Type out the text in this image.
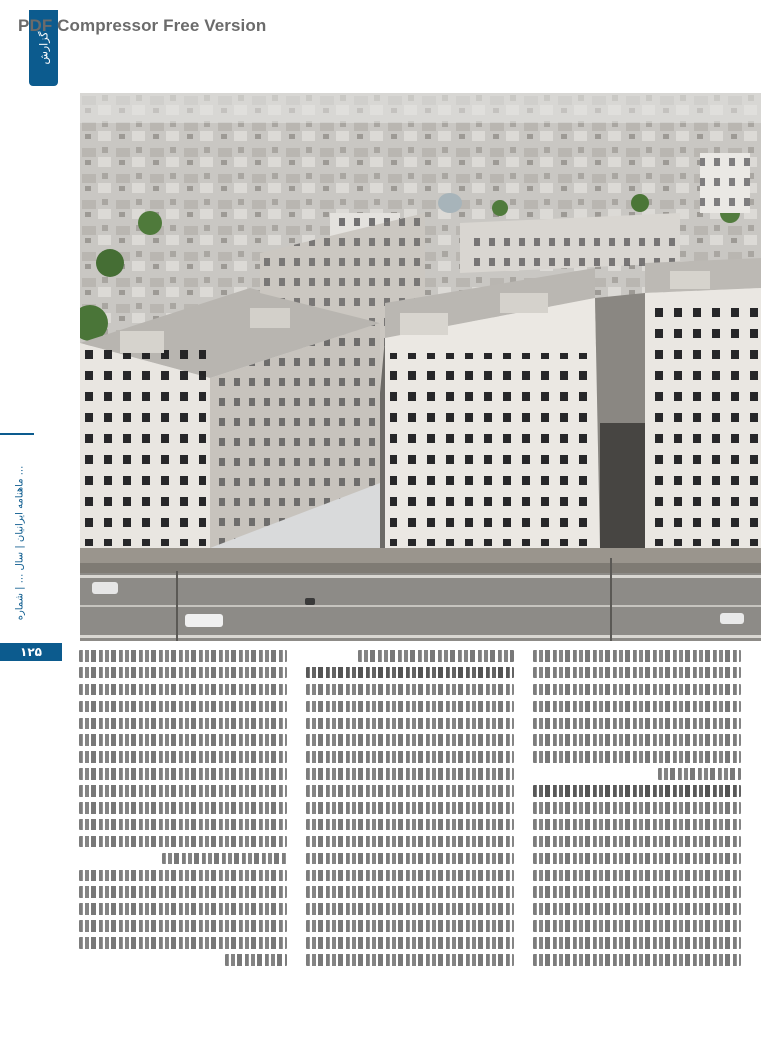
PDF Compressor Free Version
گزارش
ماهنامه ایرانیان | سال ... | شماره ...
۱۲۵
